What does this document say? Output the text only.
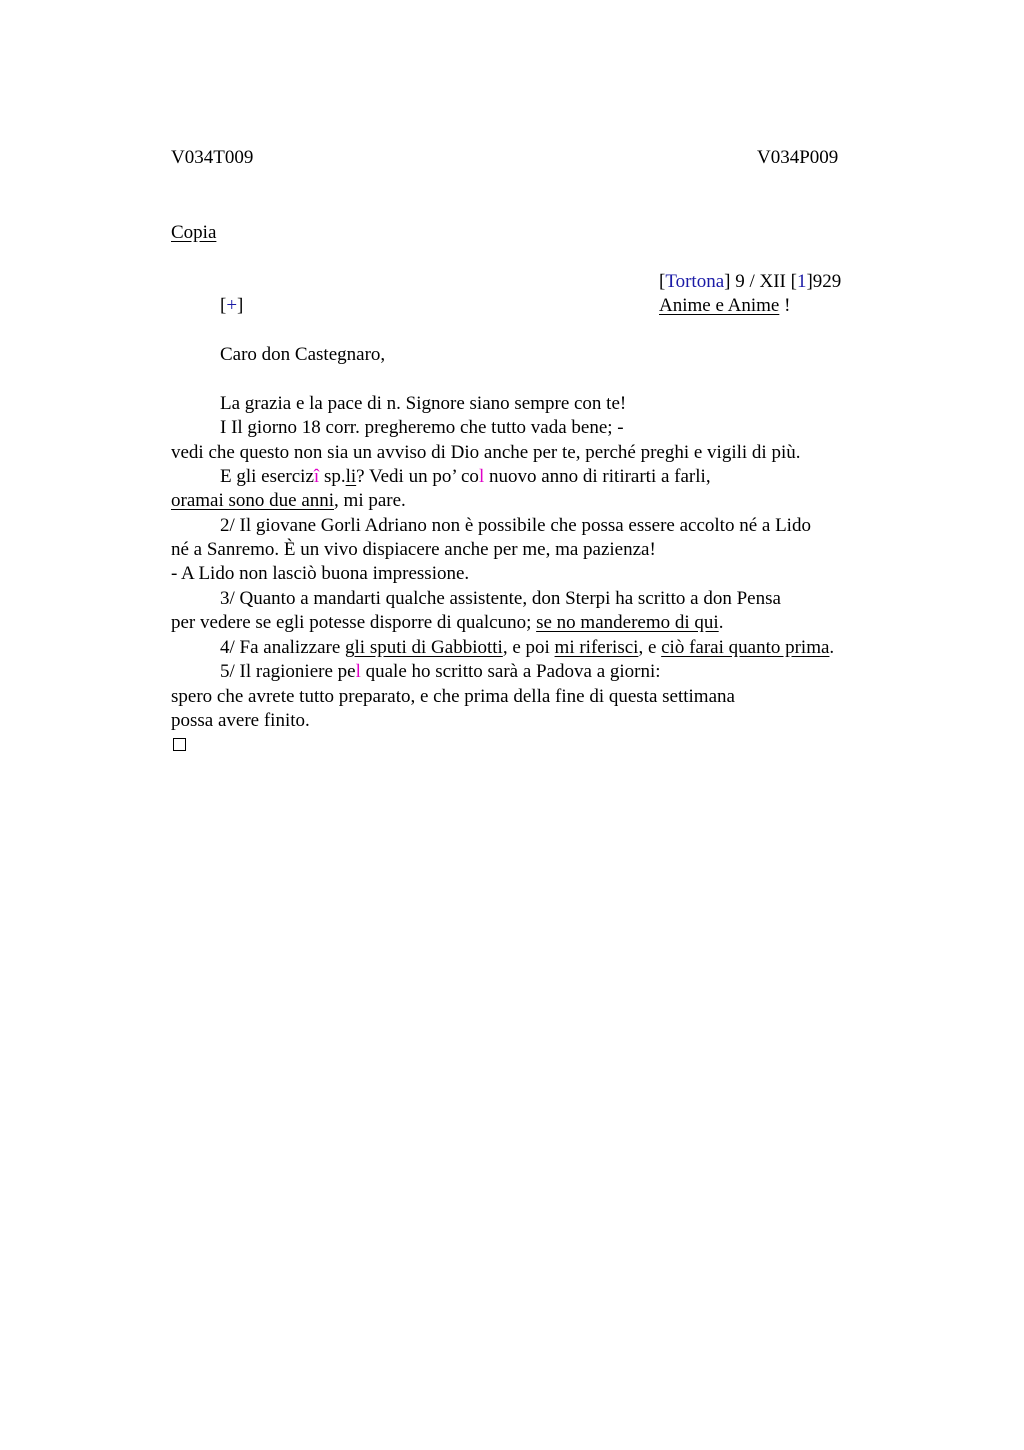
V034T009	V034P009
Copia
[Tortona] 9 / XII [1]929
[+]	Anime e Anime !
Caro don Castegnaro,
La grazia e la pace di n. Signore siano sempre con te!
I Il giorno 18 corr. pregheremo che tutto vada bene; -
vedi che questo non sia un avviso di Dio anche per te, perché preghi e vigili di più.
E gli esercizî sp.li? Vedi un po’ col nuovo anno di ritirarti a farli,
oramai sono due anni, mi pare.
2/ Il giovane Gorli Adriano non è possibile che possa essere accolto né a Lido
né a Sanremo. È un vivo dispiacere anche per me, ma pazienza!
- A Lido non lasciò buona impressione.
3/ Quanto a mandarti qualche assistente, don Sterpi ha scritto a don Pensa
per vedere se egli potesse disporre di qualcuno; se no manderemo di qui.
4/ Fa analizzare gli sputi di Gabbiotti, e poi mi riferisci, e ciò farai quanto prima.
5/ Il ragioniere pel quale ho scritto sarà a Padova a giorni:
spero che avrete tutto preparato, e che prima della fine di questa settimana
possa avere finito.
